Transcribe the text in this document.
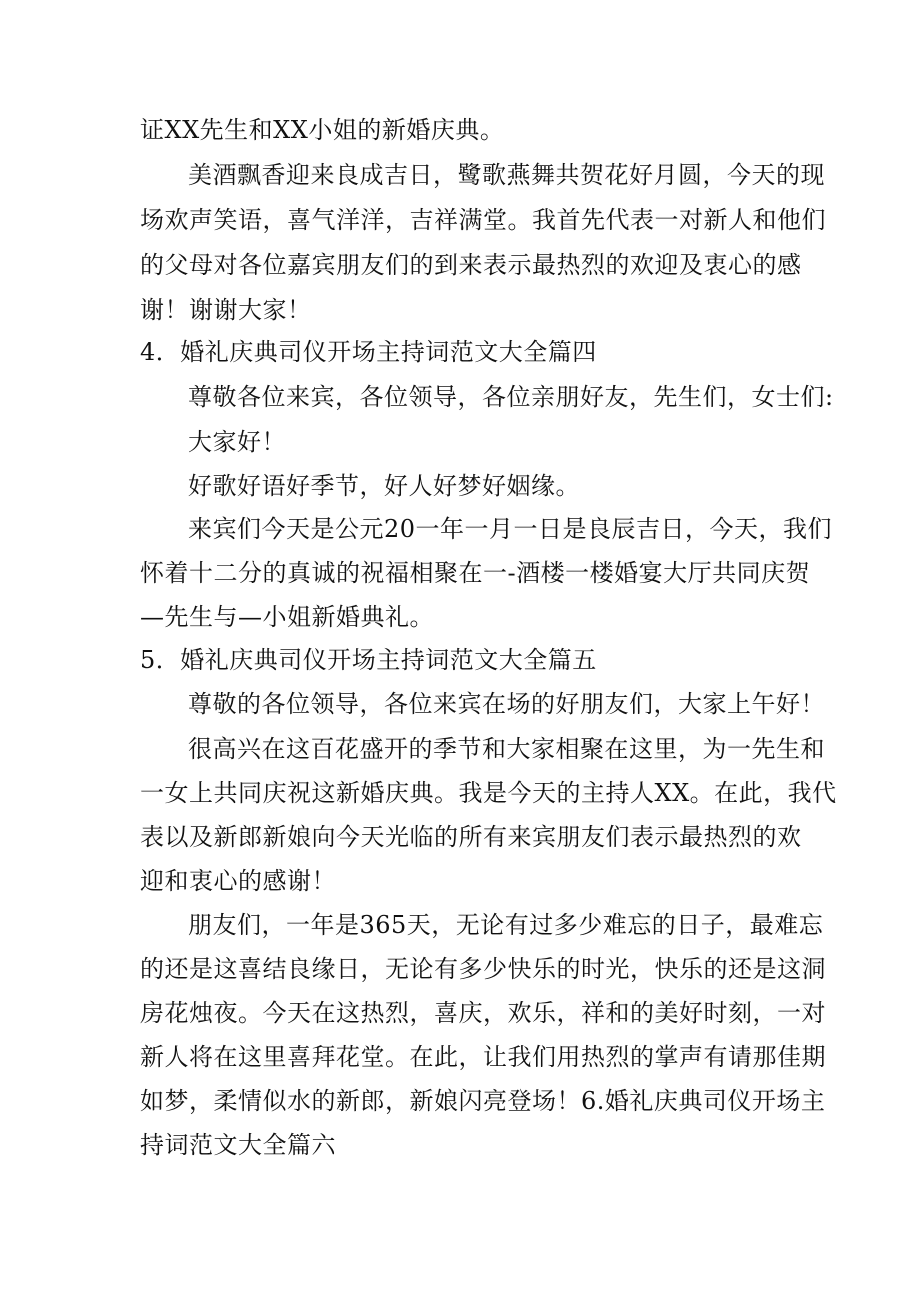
证XX先生和XX小姐的新婚庆典。
美酒飘香迎来良成吉日，鹭歌燕舞共贺花好月圆，今天的现
场欢声笑语，喜气洋洋，吉祥满堂。我首先代表一对新人和他们
的父母对各位嘉宾朋友们的到来表示最热烈的欢迎及衷心的感
谢！谢谢大家！
4．婚礼庆典司仪开场主持词范文大全篇四
尊敬各位来宾，各位领导，各位亲朋好友，先生们，女士们:
大家好！
好歌好语好季节，好人好梦好姻缘。
来宾们今天是公元20一年一月一日是良辰吉日，今天，我们
怀着十二分的真诚的祝福相聚在一-酒楼一楼婚宴大厅共同庆贺
—先生与—小姐新婚典礼。
5．婚礼庆典司仪开场主持词范文大全篇五
尊敬的各位领导，各位来宾在场的好朋友们，大家上午好！
很高兴在这百花盛开的季节和大家相聚在这里，为一先生和
一女上共同庆祝这新婚庆典。我是今天的主持人XX。在此，我代
表以及新郎新娘向今天光临的所有来宾朋友们表示最热烈的欢
迎和衷心的感谢！
朋友们，一年是365天，无论有过多少难忘的日子，最难忘
的还是这喜结良缘日，无论有多少快乐的时光，快乐的还是这洞
房花烛夜。今天在这热烈，喜庆，欢乐，祥和的美好时刻，一对
新人将在这里喜拜花堂。在此，让我们用热烈的掌声有请那佳期
如梦，柔情似水的新郎，新娘闪亮登场！6.婚礼庆典司仪开场主
持词范文大全篇六
